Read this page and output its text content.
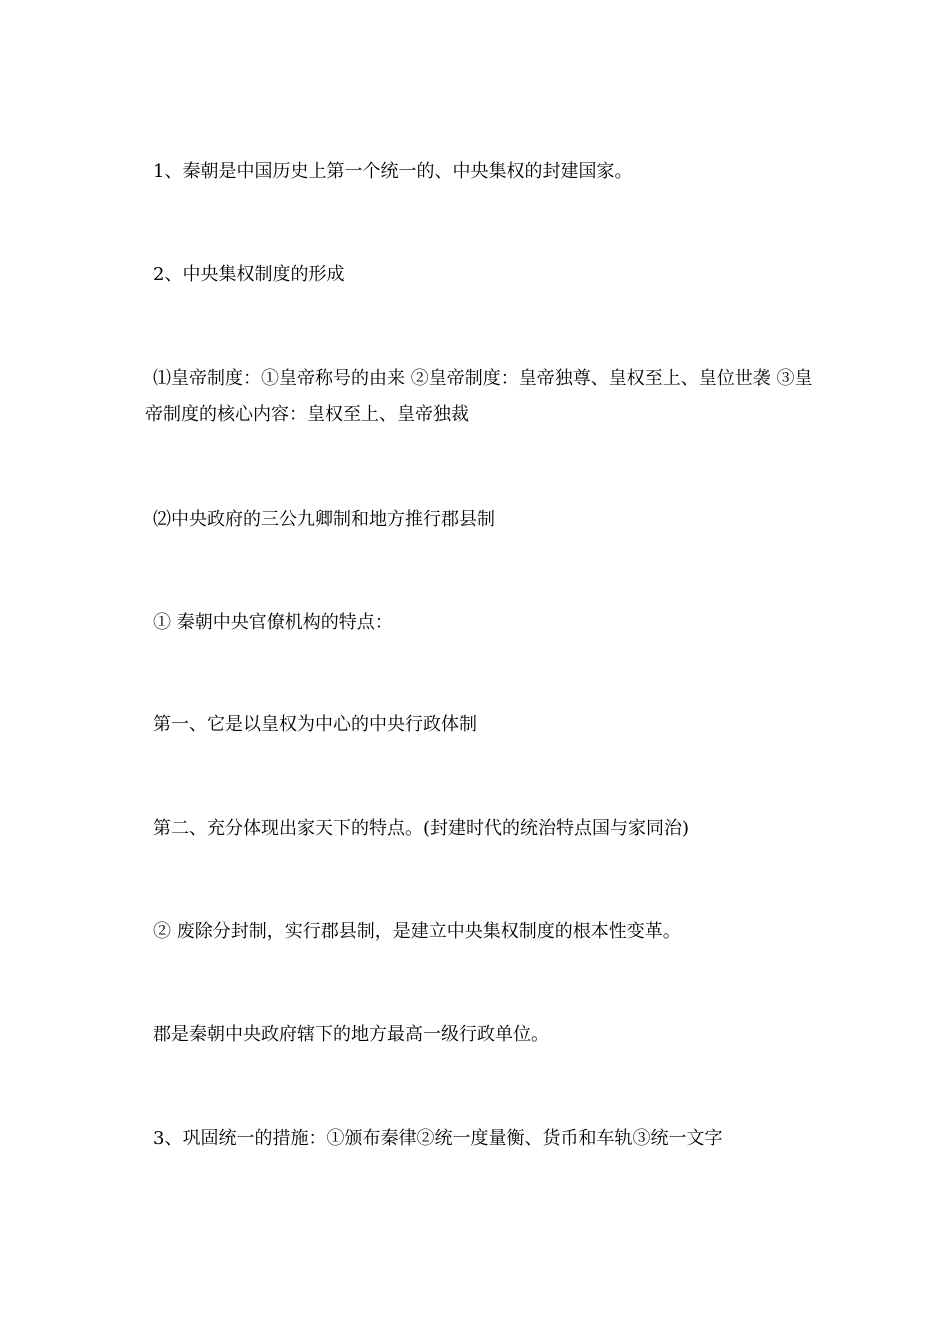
1、秦朝是中国历史上第一个统一的、中央集权的封建国家。

2、中央集权制度的形成

⑴皇帝制度：①皇帝称号的由来 ②皇帝制度：皇帝独尊、皇权至上、皇位世袭 ③皇帝制度的核心内容：皇权至上、皇帝独裁

⑵中央政府的三公九卿制和地方推行郡县制

① 秦朝中央官僚机构的特点：

第一、它是以皇权为中心的中央行政体制

第二、充分体现出家天下的特点。(封建时代的统治特点国与家同治)

② 废除分封制，实行郡县制，是建立中央集权制度的根本性变革。

郡是秦朝中央政府辖下的地方最高一级行政单位。

3、巩固统一的措施：①颁布秦律②统一度量衡、货币和车轨③统一文字
